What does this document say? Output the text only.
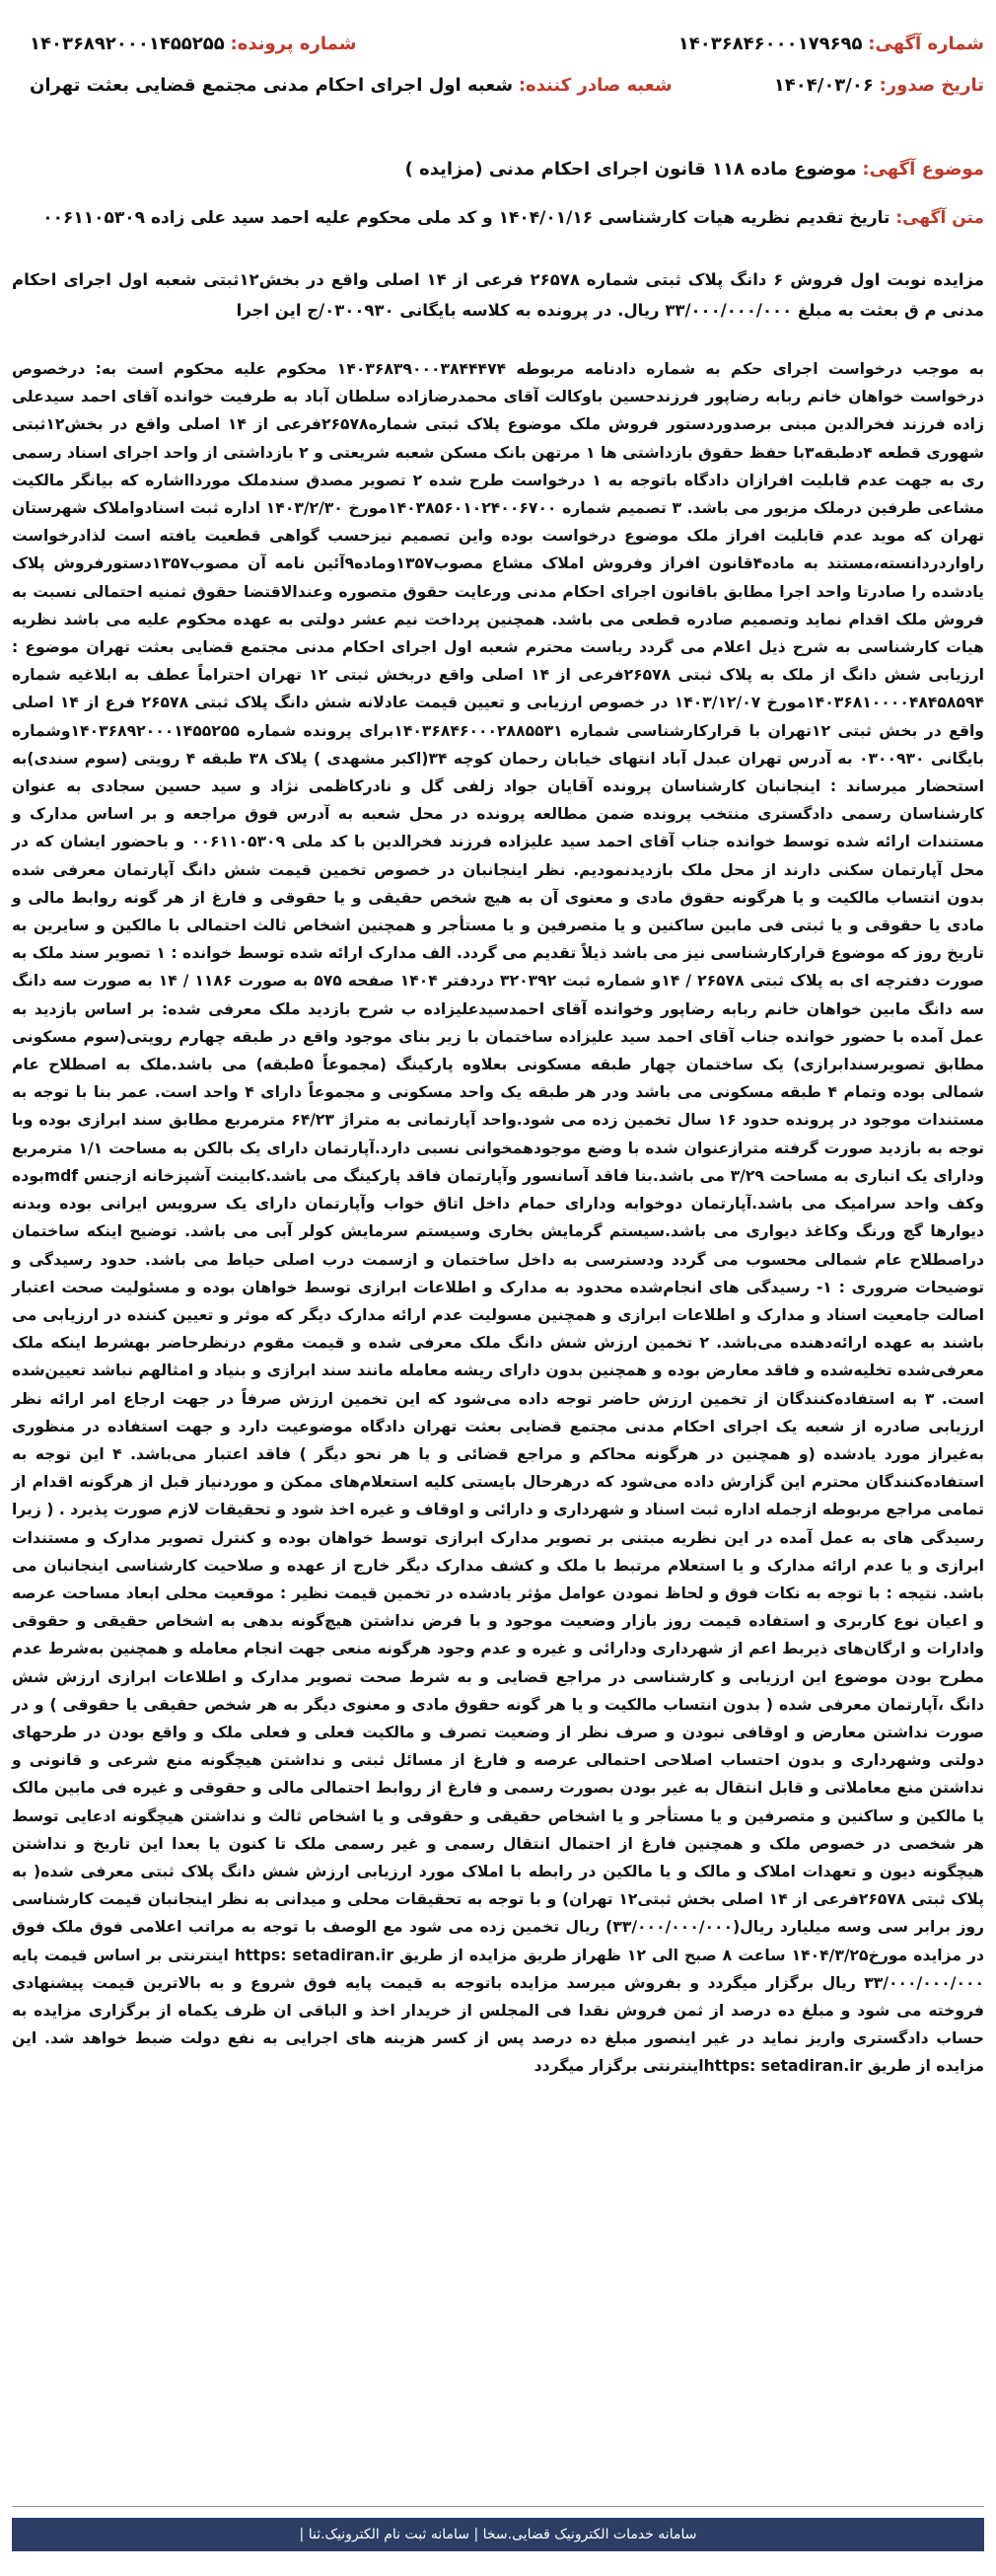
شماره آگهی: ۱۴۰۳۶۸۴۶۰۰۰۱۷۹۶۹۵
شماره پرونده: ۱۴۰۳۶۸۹۲۰۰۰۱۴۵۵۲۵۵
تاریخ صدور: ۱۴۰۴/۰۳/۰۶
شعبه صادر کننده: شعبه اول اجرای احکام مدنی مجتمع قضایی بعثت تهران
موضوع آگهی: موضوع ماده ۱۱۸ قانون اجرای احکام مدنی (مزایده )
متن آگهی: تاریخ تقدیم نظریه هیات کارشناسی ۱۴۰۴/۰۱/۱۶ و کد ملی محکوم علیه احمد سید علی زاده ۰۰۶۱۱۰۵۳۰۹
مزایده نوبت اول فروش ۶ دانگ پلاک ثبتی شماره ۲۶۵۷۸ فرعی از ۱۴ اصلی واقع در بخش۱۲ثبتی شعبه اول اجرای احکام مدنی م ق بعثت به مبلغ ۳۳/۰۰۰/۰۰۰/۰۰۰ ریال. در پرونده به کلاسه بایگانی ۰۳۰۰۹۳۰/ج این اجرا
به موجب درخواست اجرای حکم به شماره دادنامه مربوطه ۱۴۰۳۶۸۳۹۰۰۰۳۸۴۴۴۷۴ محکوم علیه محکوم است به: درخصوص درخواست خواهان خانم ربابه رضاپور فرزندحسین باوکالت آقای محمدرضازاده سلطان آباد به طرفیت خوانده آقای احمد سیدعلی زاده فرزند فخرالدین مبنی برصدوردستور فروش ملک موضوع پلاک ثبتی شماره۲۶۵۷۸فرعی از ۱۴ اصلی واقع در بخش۱۲ثبتی شهوری قطعه ۴دطبقه۳با حفظ حقوق بازداشتی ها ۱ مرتهن بانک مسکن شعبه شریعتی و ۲ بازداشتی از واحد اجرای اسناد رسمی ری به جهت عدم قابلیت افرازان دادگاه باتوجه به ۱ درخواست طرح شده ۲ تصویر مصدق سندملک موردااشاره که بیانگر مالکیت مشاعی طرفین درملک مزبور می باشد. ۳ تصمیم شماره ۱۴۰۳۸۵۶۰۱۰۲۴۰۰۶۷۰۰مورخ ۱۴۰۳/۲/۳۰ اداره ثبت اسنادواملاک شهرستان تهران که موید عدم قابلیت افراز ملک موضوع درخواست بوده واین تصمیم نیزحسب گواهی قطعیت یافته است لذادرخواست راواردردانسته،مستند به ماده۴قانون افراز وفروش املاک مشاع مصوب۱۳۵۷وماده۹آئین نامه آن مصوب۱۳۵۷دستورفروش پلاک یادشده را صادرتا واحد اجرا مطابق باقانون اجرای احکام مدنی ورعایت حقوق متصوره وعندالاقتضا حقوق ثمنیه احتمالی نسبت به فروش ملک اقدام نماید وتصمیم صادره قطعی می باشد. همچنین پرداخت نیم عشر دولتی به عهده محکوم علیه می باشد نظریه هیات کارشناسی به شرح ذیل اعلام می گردد ریاست محترم شعبه اول اجرای احکام مدنی مجتمع قضایی بعثت تهران موضوع : ارزیابی شش دانگ از ملک به پلاک ثبتی ۲۶۵۷۸فرعی از ۱۴ اصلی واقع دربخش ثبتی ۱۲ تهران احتراماً عطف به ابلاغیه شماره ۱۴۰۳۶۸۱۰۰۰۰۴۸۴۵۸۵۹۴مورخ ۱۴۰۳/۱۲/۰۷ در خصوص ارزیابی و تعیین قیمت عادلانه شش دانگ پلاک ثبتی ۲۶۵۷۸ فرع از ۱۴ اصلی واقع در بخش ثبتی ۱۲تهران با قرارکارشناسی شماره ۱۴۰۳۶۸۴۶۰۰۰۲۸۸۵۵۳۱برای پرونده شماره ۱۴۰۳۶۸۹۲۰۰۰۱۴۵۵۲۵۵وشماره بایگانی ۰۳۰۰۹۳۰ به آدرس تهران عبدل آباد انتهای خیابان رحمان کوچه ۳۴(اکبر مشهدی ) پلاک ۳۸ طبقه ۴ رویتی (سوم سندی)به استحضار میرساند : اینجانبان کارشناسان پرونده آقایان جواد زلفی گل و نادرکاظمی نژاد و سید حسین سجادی به عنوان کارشناسان رسمی دادگستری منتخب پرونده ضمن مطالعه پرونده در محل شعبه به آدرس فوق مراجعه و بر اساس مدارک و مستندات ارائه شده توسط خوانده جناب آقای احمد سید علیزاده فرزند فخرالدین با کد ملی ۰۰۶۱۱۰۵۳۰۹ و باحضور ایشان که در محل آپارتمان سکنی دارند از محل ملک بازدیدنمودیم. نظر اینجانبان در خصوص تخمین قیمت شش دانگ آپارتمان معرفی شده بدون انتساب مالکیت و یا هرگونه حقوق مادی و معنوی آن به هیچ شخص حقیقی و یا حقوقی و فارغ از هر گونه روابط مالی و مادی یا حقوقی و یا ثبتی فی مابین ساکنین و یا متصرفین و یا مستأجر و همچنین اشخاص ثالث احتمالی با مالکین و سایرین به تاریخ روز که موضوع قرارکارشناسی نیز می باشد ذیلاً تقدیم می گردد. الف مدارک ارائه شده توسط خوانده : ۱ تصویر سند ملک به صورت دفترچه ای به پلاک ثبتی ۲۶۵۷۸ / ۱۴و شماره ثبت ۳۲۰۳۹۲ دردفتر ۱۴۰۴ صفحه ۵۷۵ به صورت ۱۱۸۶ / ۱۴ به صورت سه دانگ سه دانگ مابین خواهان خانم ربابه رضاپور وخوانده آقای احمدسیدعلیزاده ب شرح بازدید ملک معرفی شده: بر اساس بازدید به عمل آمده با حضور خوانده جناب آقای احمد سید علیزاده ساختمان با زیر بنای موجود واقع در طبقه چهارم رویتی(سوم مسکونی مطابق تصویرسندابرازی) یک ساختمان چهار طبقه مسکونی بعلاوه پارکینگ (مجموعاً ۵طبقه) می باشد.ملک به اصطلاح عام شمالی بوده وتمام ۴ طبقه مسکونی می باشد ودر هر طبقه یک واحد مسکونی و مجموعاً دارای ۴ واحد است. عمر بنا با توجه به مستندات موجود در پرونده حدود ۱۶ سال تخمین زده می شود.واحد آپارتمانی به متراژ ۶۴/۲۳ مترمربع مطابق سند ابرازی بوده وبا توجه به بازدید صورت گرفته مترازعنوان شده با وضع موجودهمخوانی نسبی دارد.آپارتمان دارای یک بالکن به مساحت ۱/۱ مترمربع ودارای یک انباری به مساحت ۳/۲۹ می باشد.بنا فاقد آسانسور وآپارتمان فاقد پارکینگ می باشد.کابینت آشپزخانه ازجنس mdfبوده وکف واحد سرامیک می باشد.آپارتمان دوخوابه ودارای حمام داخل اتاق خواب وآپارتمان دارای یک سرویس ایرانی بوده وبدنه دیوارها گچ ورنگ وکاغذ دیواری می باشد.سیستم گرمایش بخاری وسیستم سرمایش کولر آبی می باشد. توضیح اینکه ساختمان دراصطلاح عام شمالی محسوب می گردد ودسترسی به داخل ساختمان و ازسمت درب اصلی حیاط می باشد. حدود رسیدگی و توضیحات ضروری : ۱- رسیدگی های انجام‌شده محدود به مدارک و اطلاعات ابرازی توسط خواهان بوده و مسئولیت صحت اعتبار اصالت جامعیت اسناد و مدارک و اطلاعات ابرازی و همچنین مسولیت عدم ارائه مدارک دیگر که موثر و تعیین کننده در ارزیابی می باشند به عهده ارائه‌دهنده می‌باشد. ۲ تخمین ارزش شش دانگ ملک معرفی شده و قیمت مقوم درنظرحاضر بهشرط اینکه ملک معرفی‌شده تخلیه‌شده و فاقد معارض بوده و همچنین بدون دارای ریشه معامله مانند سند ابرازی و بنیاد و امثالهم نباشد تعیین‌شده است. ۳ به استفاده‌کنندگان از تخمین ارزش حاضر توجه داده می‌شود که این تخمین ارزش صرفاً در جهت ارجاع امر ارائه نظر ارزیابی صادره از شعبه یک اجرای احکام مدنی مجتمع قضایی بعثت تهران دادگاه موضوعیت دارد و جهت استفاده در منظوری به‌غیراز مورد یادشده (و همچنین در هرگونه محاکم و مراجع قضائی و یا هر نحو دیگر ) فاقد اعتبار می‌باشد. ۴ این توجه به استفاده‌کنندگان محترم این گزارش داده می‌شود که درهرحال بایستی کلیه استعلام‌های ممکن و موردنیاز قبل از هرگونه اقدام از تمامی مراجع مربوطه ازجمله اداره ثبت اسناد و شهرداری و دارائی و اوقاف و غیره اخذ شود و تحقیقات لازم صورت پذیرد . ( زیرا رسیدگی های به عمل آمده در این نظریه مبتنی بر تصویر مدارک ابرازی توسط خواهان بوده و کنترل تصویر مدارک و مستندات ابرازی و یا عدم ارائه مدارک و یا استعلام مرتبط با ملک و کشف مدارک دیگر خارج از عهده و صلاحیت کارشناسی اینجانبان می باشد. نتیجه : با توجه به نکات فوق و لحاظ نمودن عوامل مؤثر یادشده در تخمین قیمت نظیر : موقعیت محلی ابعاد مساحت عرصه و اعیان نوع کاربری و استفاده قیمت روز بازار وضعیت موجود و با فرض نداشتن هیچ‌گونه بدهی به اشخاص حقیقی و حقوقی وادارات و ارگان‌های ذیربط اعم از شهرداری ودارائی و غیره و عدم وجود هرگونه منعی جهت انجام معامله و همچنین به‌شرط عدم مطرح بودن موضوع این ارزیابی و کارشناسی در مراجع قضایی و به شرط صحت تصویر مدارک و اطلاعات ابرازی ارزش شش دانگ ،آپارتمان معرفی شده ( بدون انتساب مالکیت و یا هر گونه حقوق مادی و معنوی دیگر به هر شخص حقیقی یا حقوقی ) و در صورت نداشتن معارض و اوقافی نبودن و صرف نظر از وضعیت تصرف و مالکیت فعلی و فعلی ملک و واقع بودن در طرحهای دولتی وشهرداری و بدون احتساب اصلاحی احتمالی عرصه و فارغ از مسائل ثبتی و نداشتن هیچگونه منع شرعی و قانونی و نداشتن منع معاملاتی و قابل انتقال به غیر بودن بصورت رسمی و فارغ از روابط احتمالی مالی و حقوقی و غیره فی مابین مالک یا مالکین و ساکنین و متصرفین و یا مستأجر و یا اشخاص حقیقی و حقوقی و یا اشخاص ثالث و نداشتن هیچگونه ادعایی توسط هر شخصی در خصوص ملک و همچنین فارغ از احتمال انتقال رسمی و غیر رسمی ملک تا کنون یا بعدا این تاریخ و نداشتن هیچگونه دیون و تعهدات املاک و مالک و یا مالکین در رابطه با املاک مورد ارزیابی ارزش شش دانگ پلاک ثبتی معرفی شده( به پلاک ثبتی ۲۶۵۷۸فرعی از ۱۴ اصلی بخش ثبتی۱۲ تهران) و با توجه به تحقیقات محلی و میدانی به نظر اینجانبان قیمت کارشناسی روز برابر سی وسه میلیارد ریال(۳۳/۰۰۰/۰۰۰/۰۰۰) ریال تخمین زده می شود مع الوصف با توجه به مراتب اعلامی فوق ملک فوق در مزایده مورخ۱۴۰۴/۳/۲۵ ساعت ۸ صبح الی ۱۲ ظهراز طریق مزایده از طریق https: setadiran.ir اینترنتی بر اساس قیمت پایه ۳۳/۰۰۰/۰۰۰/۰۰۰ ریال برگزار میگردد و بفروش میرسد مزایده باتوجه به قیمت پایه فوق شروع و به بالاترین قیمت پیشنهادی فروخته می شود و مبلغ ده درصد از ثمن فروش نقدا فی المجلس از خریدار اخذ و الباقی ان ظرف یکماه از برگزاری مزایده به حساب دادگستری واریز نماید در غیر اینصور مبلغ ده درصد پس از کسر هزینه های اجرایی به نفع دولت ضبط خواهد شد. این مزایده از طریق https: setadiran.irاینترنتی برگزار میگردد
سامانه خدمات الکترونیک قضایی.سخا | سامانه ثبت نام الکترونیک.ثنا |
